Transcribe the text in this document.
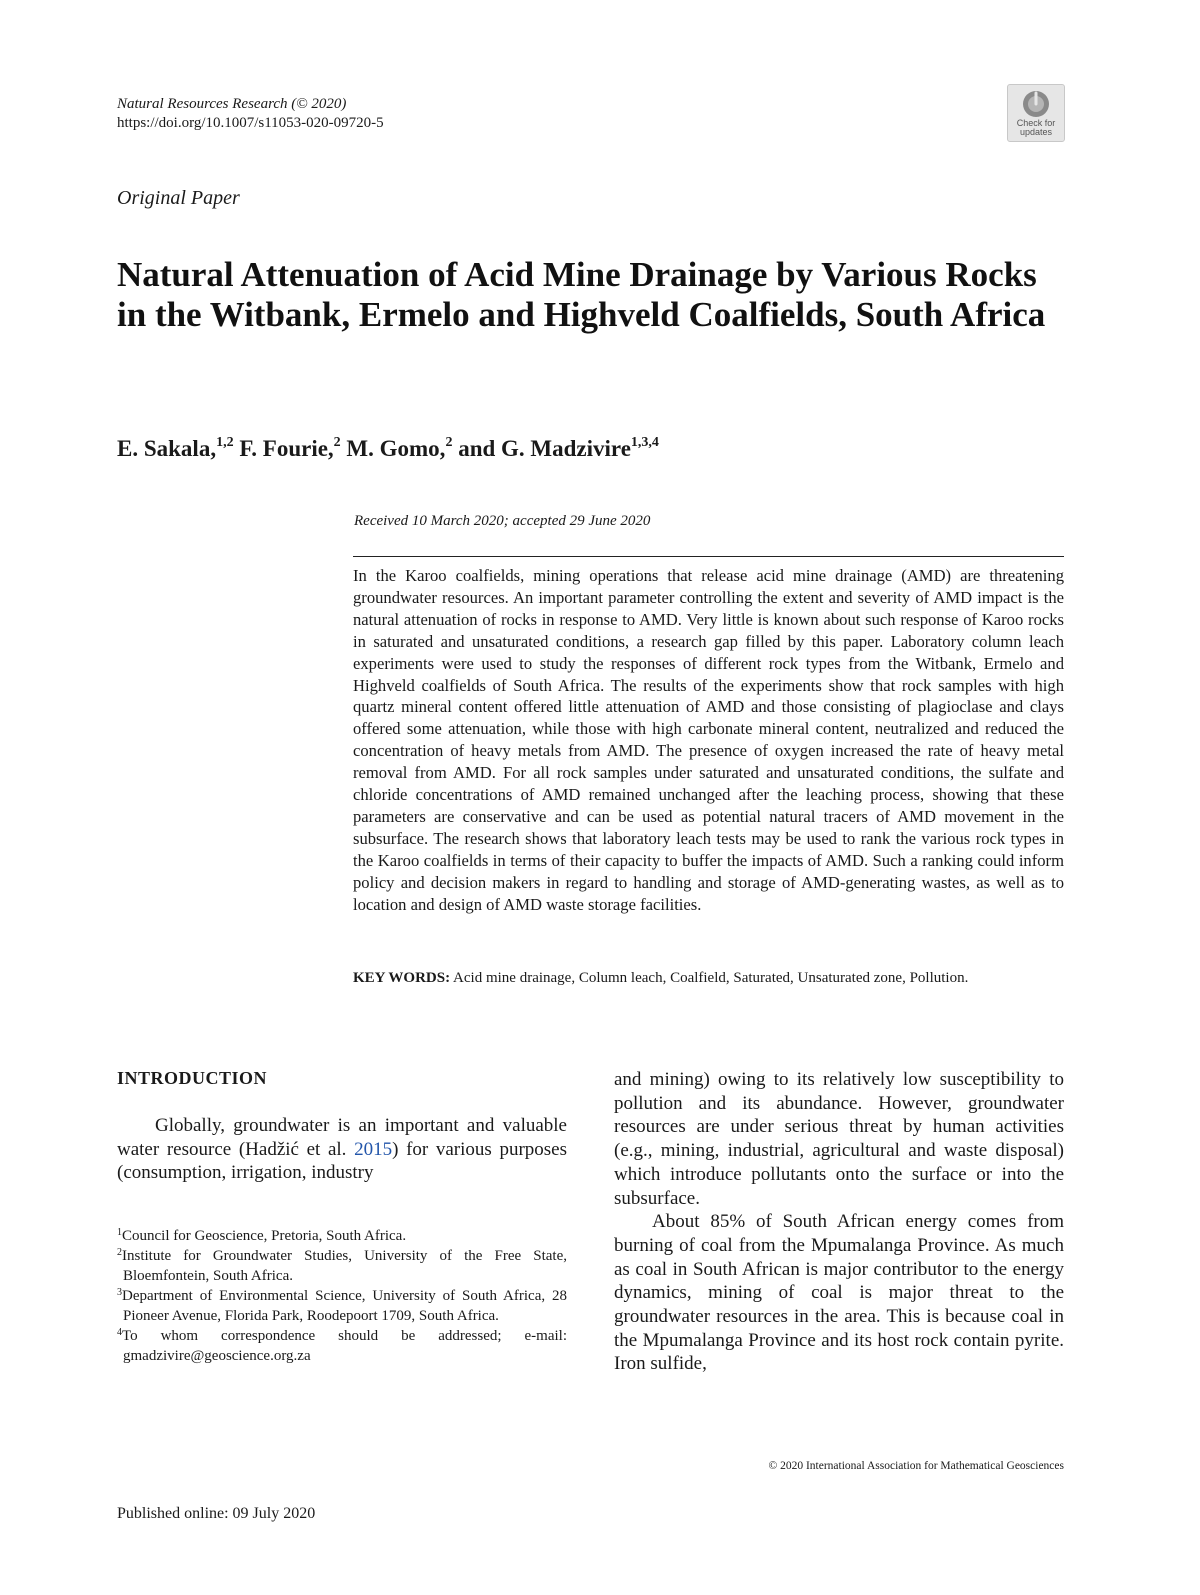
Natural Resources Research (© 2020)
https://doi.org/10.1007/s11053-020-09720-5	Check for
updates
Original Paper
Natural Attenuation of Acid Mine Drainage by Various Rocks in the Witbank, Ermelo and Highveld Coalfields, South Africa
E. Sakala,$^{1,2}$ F. Fourie,$^2$ M. Gomo,$^2$ and G. Madzivire$^{1,3,4}$
Received 10 March 2020; accepted 29 June 2020
In the Karoo coalfields, mining operations that release acid mine drainage (AMD) are threatening groundwater resources. An important parameter controlling the extent and severity of AMD impact is the natural attenuation of rocks in response to AMD. Very little is known about such response of Karoo rocks in saturated and unsaturated conditions, a research gap filled by this paper. Laboratory column leach experiments were used to study the responses of different rock types from the Witbank, Ermelo and Highveld coalfields of South Africa. The results of the experiments show that rock samples with high quartz mineral content offered little attenuation of AMD and those consisting of plagioclase and clays offered some attenuation, while those with high carbonate mineral content, neutralized and reduced the concentration of heavy metals from AMD. The presence of oxygen increased the rate of heavy metal removal from AMD. For all rock samples under saturated and unsaturated conditions, the sulfate and chloride concentrations of AMD remained unchanged after the leaching process, showing that these parameters are conservative and can be used as potential natural tracers of AMD movement in the subsurface. The research shows that laboratory leach tests may be used to rank the various rock types in the Karoo coalfields in terms of their capacity to buffer the impacts of AMD. Such a ranking could inform policy and decision makers in regard to handling and storage of AMD-generating wastes, as well as to location and design of AMD waste storage facilities.
KEY WORDS: Acid mine drainage, Column leach, Coalfield, Saturated, Unsaturated zone, Pollution.
INTRODUCTION

Globally, groundwater is an important and valuable water resource (Hadžić et al. 2015) for various purposes (consumption, irrigation, industry

and mining) owing to its relatively low susceptibility to pollution and its abundance. However, groundwater resources are under serious threat by human activities (e.g., mining, industrial, agricultural and waste disposal) which introduce pollutants onto the surface or into the subsurface.

About 85% of South African energy comes from burning of coal from the Mpumalanga Province. As much as coal in South African is major contributor to the energy dynamics, mining of coal is major threat to the groundwater resources in the area. This is because coal in the Mpumalanga Province and its host rock contain pyrite. Iron sulfide,

$^1$Council for Geoscience, Pretoria, South Africa.

$^2$Institute for Groundwater Studies, University of the Free State, Bloemfontein, South Africa.

$^3$Department of Environmental Science, University of South Africa, 28 Pioneer Avenue, Florida Park, Roodepoort 1709, South Africa.

$^4$To whom correspondence should be addressed; e-mail: gmadzivire@geoscience.org.za

© 2020 International Association for Mathematical Geosciences
Published online: 09 July 2020
